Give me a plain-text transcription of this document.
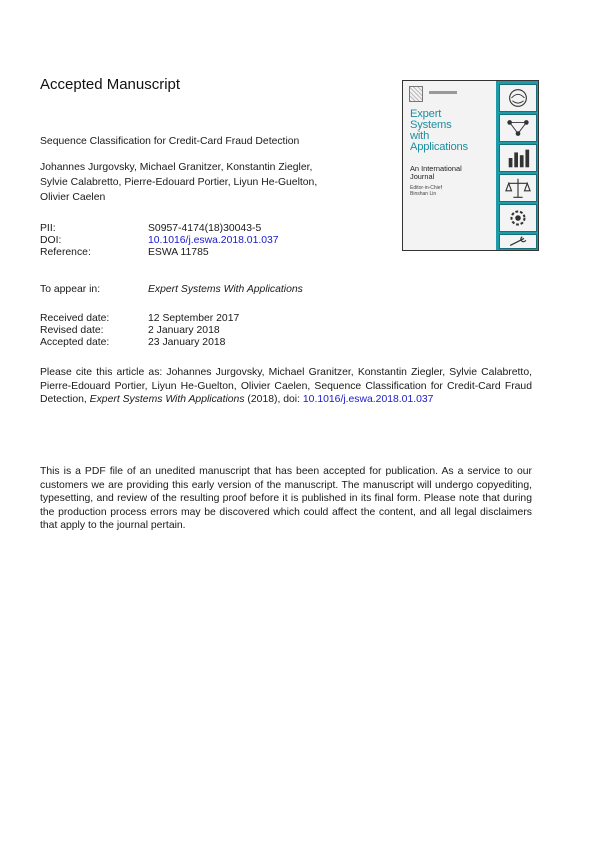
Accepted Manuscript
Sequence Classification for Credit-Card Fraud Detection
Johannes Jurgovsky, Michael Granitzer, Konstantin Ziegler, Sylvie Calabretto, Pierre-Edouard Portier, Liyun He-Guelton, Olivier Caelen
PII:	S0957-4174(18)30043-5
DOI:	10.1016/j.eswa.2018.01.037
Reference:	ESWA 11785
To appear in:	Expert Systems With Applications
Received date:	12 September 2017
Revised date:	2 January 2018
Accepted date:	23 January 2018
Please cite this article as: Johannes Jurgovsky, Michael Granitzer, Konstantin Ziegler, Sylvie Calabretto, Pierre-Edouard Portier, Liyun He-Guelton, Olivier Caelen, Sequence Classification for Credit-Card Fraud Detection, Expert Systems With Applications (2018), doi: 10.1016/j.eswa.2018.01.037
This is a PDF file of an unedited manuscript that has been accepted for publication. As a service to our customers we are providing this early version of the manuscript. The manuscript will undergo copyediting, typesetting, and review of the resulting proof before it is published in its final form. Please note that during the production process errors may be discovered which could affect the content, and all legal disclaimers that apply to the journal pertain.
Expert
Systems
with
Applications
An International
Journal
Editor-in-Chief
Binshan Lin
